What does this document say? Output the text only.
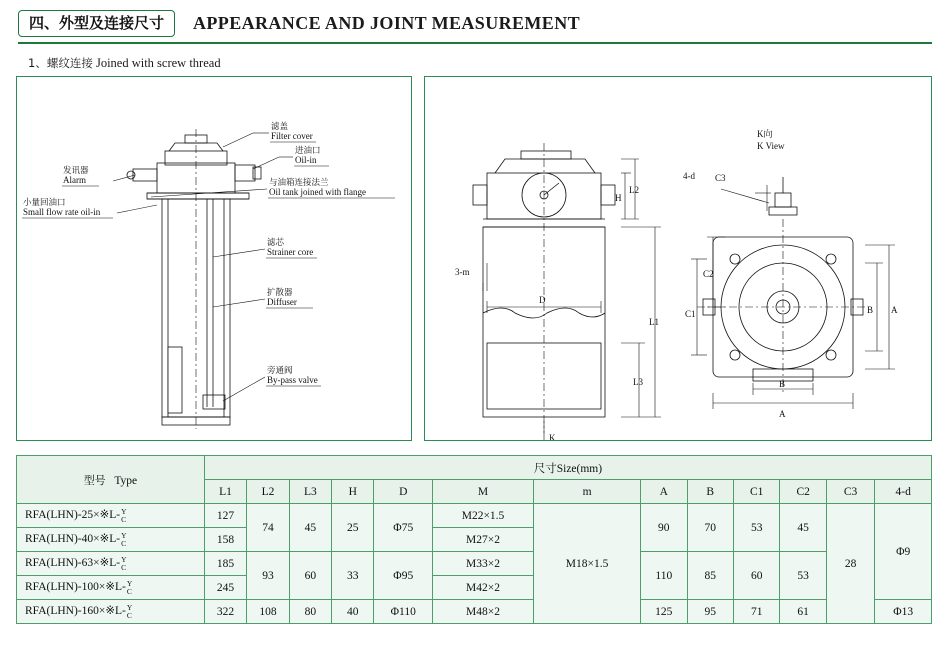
四、外型及连接尺寸 APPEARANCE AND JOINT MEASUREMENT
1、螺纹连接 Joined with screw thread
滤盖
Filter cover
进油口
Oil-in
发讯器
Alarm	与油箱连接法兰
Oil tank joined with flange
小量回油口
Small flow rate oil-in
滤芯
Strainer core
扩散器
Diffuser
旁通阀
By-pass valve
L2
H
3-m
D
L1
L3
K
K向
K View
C3
4-d
C2
C1	A
B
B
A
型号 Type	尺寸Size(mm)												
	L1	L2	L3	H	D	M	m	A	B	C1	C2	C3	4-d
RFA(LHN)-25×※L-Y
C	127	74	45	25	Φ75	M22×1.5	M18×1.5	90	70	53	45	28	Φ9
RFA(LHN)-40×※L-Y
C	158					M27×2							
RFA(LHN)-63×※L-Y
C	185	93	60	33	Φ95	M33×2		110	85	60	53		
RFA(LHN)-100×※L-Y
C	245					M42×2							
RFA(LHN)-160×※L-Y
C	322	108	80	40	Φ110	M48×2		125	95	71	61		Φ13
